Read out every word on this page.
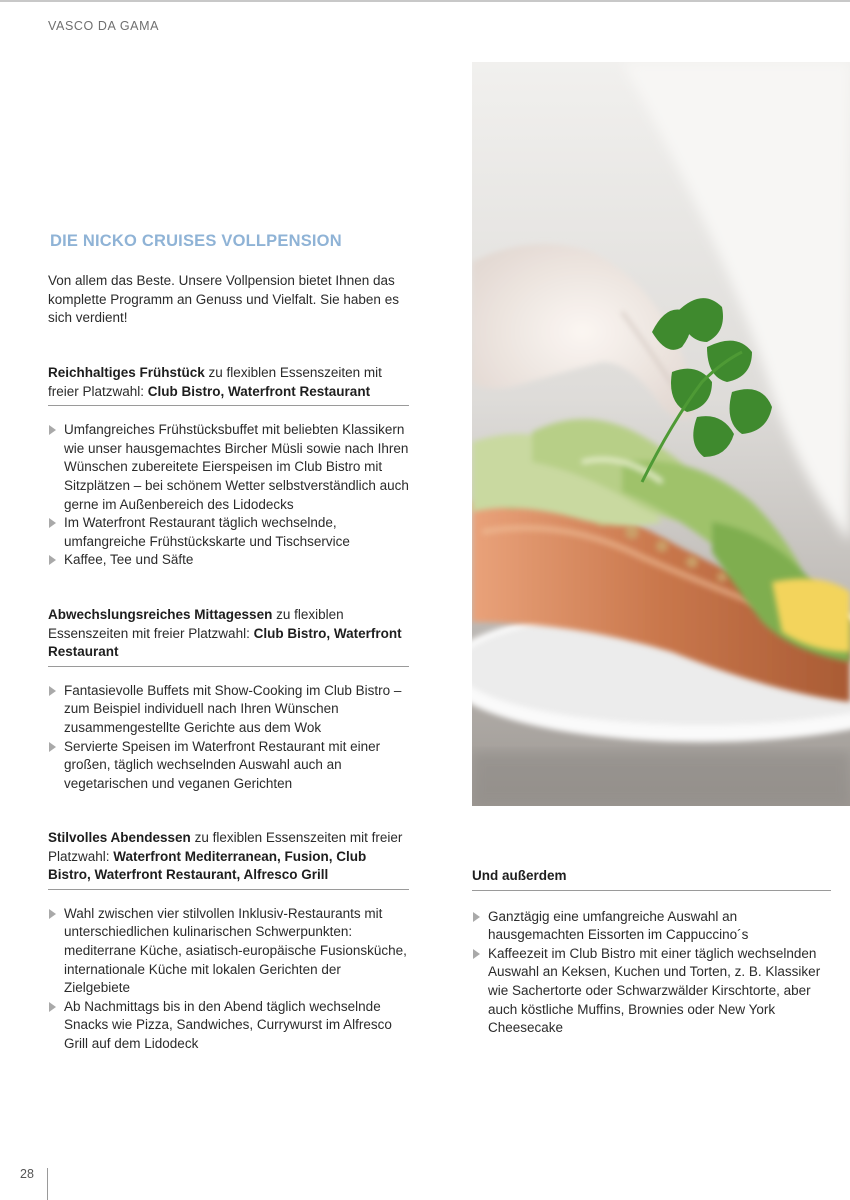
VASCO DA GAMA
DIE NICKO CRUISES VOLLPENSION

Von allem das Beste. Unsere Vollpension bietet Ihnen das komplette Programm an Genuss und Vielfalt. Sie haben es sich verdient!

Reichhaltiges Frühstück zu flexiblen Essenszeiten mit freier Platzwahl: Club Bistro, Waterfront Restaurant
Umfangreiches Frühstücksbuffet mit beliebten Klassikern wie unser hausgemachtes Bircher Müsli sowie nach Ihren Wünschen zubereitete Eierspeisen im Club Bistro mit Sitzplätzen – bei schönem Wetter selbstverständlich auch gerne im Außenbereich des Lidodecks
Im Waterfront Restaurant täglich wechselnde, umfangreiche Frühstückskarte und Tischservice
Kaffee, Tee und Säfte
Abwechslungsreiches Mittagessen zu flexiblen Essenszeiten mit freier Platzwahl: Club Bistro, Waterfront Restaurant
Fantasievolle Buffets mit Show-Cooking im Club Bistro – zum Beispiel individuell nach Ihren Wünschen zusammengestellte Gerichte aus dem Wok
Servierte Speisen im Waterfront Restaurant mit einer großen, täglich wechselnden Auswahl auch an vegetarischen und veganen Gerichten
Stilvolles Abendessen zu flexiblen Essenszeiten mit freier Platzwahl: Waterfront Mediterranean, Fusion, Club Bistro, Waterfront Restaurant, Alfresco Grill
Wahl zwischen vier stilvollen Inklusiv-Restaurants mit unterschiedlichen kulinarischen Schwerpunkten: mediterrane Küche, asiatisch-europäische Fusionsküche, internationale Küche mit lokalen Gerichten der Zielgebiete
Ab Nachmittags bis in den Abend täglich wechselnde Snacks wie Pizza, Sandwiches, Currywurst im Alfresco Grill auf dem Lidodeck
Und außerdem
Ganztägig eine umfangreiche Auswahl an hausgemachten Eissorten im Cappuccino´s
Kaffeezeit im Club Bistro mit einer täglich wechselnden Auswahl an Keksen, Kuchen und Torten, z. B. Klassiker wie Sachertorte oder Schwarzwälder Kirschtorte, aber auch köstliche Muffins, Brownies oder New York Cheesecake
28
